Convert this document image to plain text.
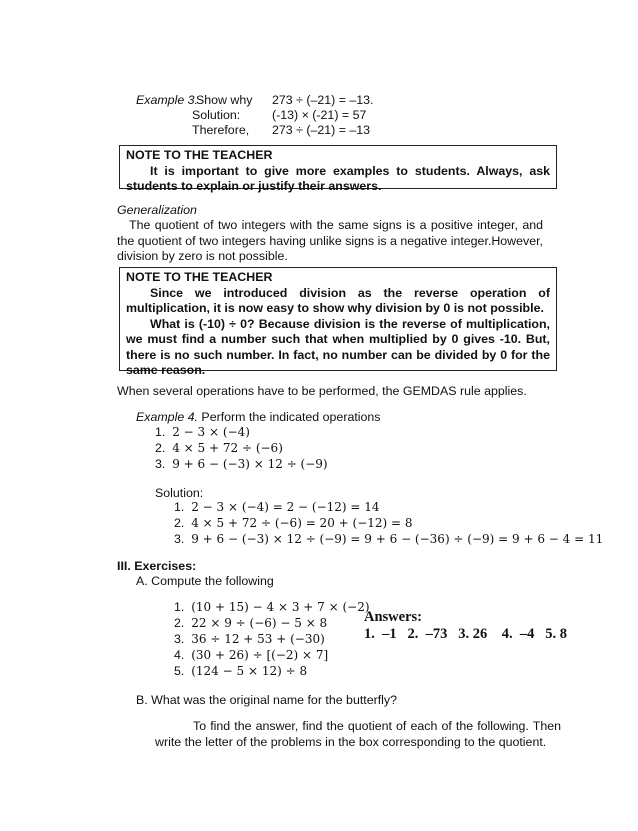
Example 3.
Show why 273 ÷ (–21) = –13.
Solution:	(-13) × (-21) = 57
Therefore, 273 ÷ (–21) = –13

NOTE TO THE TEACHER

It is important to give more examples to students. Always, ask students to explain or justify their answers.

Generalization

The quotient of two integers with the same signs is a positive integer, and the quotient of two integers having unlike signs is a negative integer.However, division by zero is not possible.

NOTE TO THE TEACHER

Since we introduced division as the reverse operation of multiplication, it is now easy to show why division by 0 is not possible.

What is (-10) ÷ 0? Because division is the reverse of multiplication, we must find a number such that when multiplied by 0 gives -10. But, there is no such number. In fact, no number can be divided by 0 for the same reason.

When several operations have to be performed, the GEMDAS rule applies.
Example 4. Perform the indicated operations
1. 2 − 3 × (−4)
2. 4 × 5 + 72 ÷ (−6)
3. 9 + 6 − (−3) × 12 ÷ (−9)
Solution:
1. 2 − 3 × (−4) = 2 − (−12) = 14
2. 4 × 5 + 72 ÷ (−6) = 20 + (−12) = 8
3. 9 + 6 − (−3) × 12 ÷ (−9) = 9 + 6 − (−36) ÷ (−9) = 9 + 6 − 4 = 11
III. Exercises:
A. Compute the following
1. (10 + 15) − 4 × 3 + 7 × (−2)
2. 22 × 9 ÷ (−6) − 5 × 8
3. 36 ÷ 12 + 53 + (−30)
4. (30 + 26) ÷ [(−2) × 7]
5. (124 − 5 × 12) ÷ 8
Answers:
1.  –1   2.  –73   3. 26    4.  –4   5. 8
B. What was the original name for the butterfly?

To find the answer, find the quotient of each of the following. Then write the letter of the problems in the box corresponding to the quotient.
